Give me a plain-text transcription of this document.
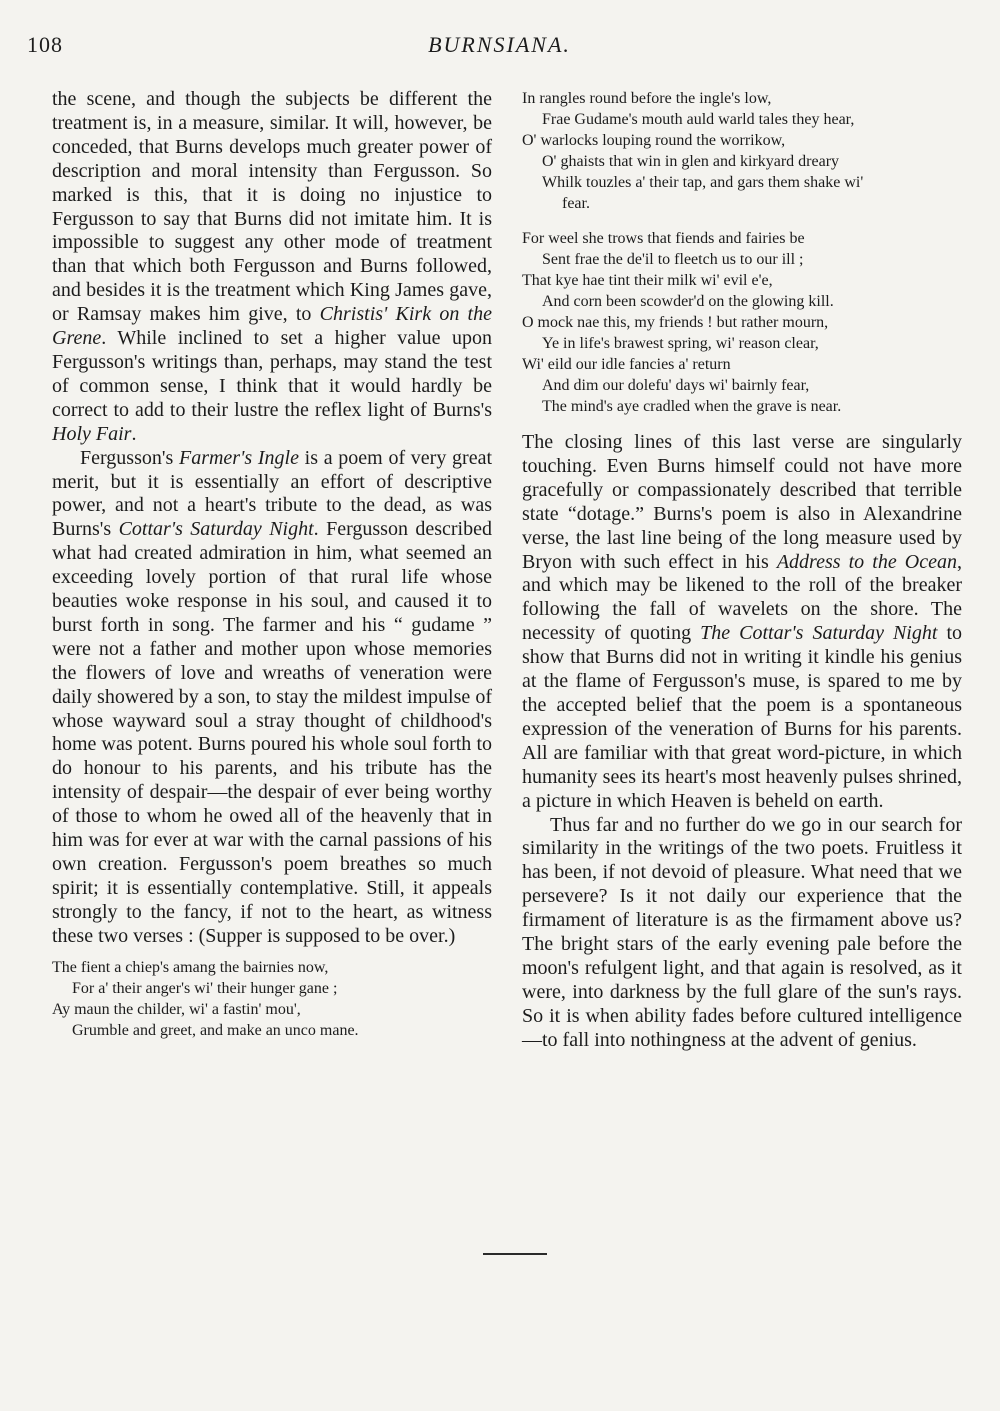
108	BURNSIANA.

the scene, and though the subjects be different the treatment is, in a measure, similar. It will, however, be conceded, that Burns develops much greater power of description and moral intensity than Fergusson. So marked is this, that it is doing no injustice to Fergusson to say that Burns did not imitate him. It is impossible to suggest any other mode of treatment than that which both Fergusson and Burns followed, and besides it is the treatment which King James gave, or Ramsay makes him give, to Christis' Kirk on the Grene. While inclined to set a higher value upon Fergusson's writings than, perhaps, may stand the test of common sense, I think that it would hardly be correct to add to their lustre the reflex light of Burns's Holy Fair.

Fergusson's Farmer's Ingle is a poem of very great merit, but it is essentially an effort of descriptive power, and not a heart's tribute to the dead, as was Burns's Cottar's Saturday Night. Fergusson described what had created admiration in him, what seemed an exceeding lovely portion of that rural life whose beauties woke response in his soul, and caused it to burst forth in song. The farmer and his “ gudame ” were not a father and mother upon whose memories the flowers of love and wreaths of veneration were daily showered by a son, to stay the mildest impulse of whose wayward soul a stray thought of childhood's home was potent. Burns poured his whole soul forth to do honour to his parents, and his tribute has the intensity of despair—the despair of ever being worthy of those to whom he owed all of the heavenly that in him was for ever at war with the carnal passions of his own creation. Fergusson's poem breathes so much spirit; it is essentially contemplative. Still, it appeals strongly to the fancy, if not to the heart, as witness these two verses : (Supper is supposed to be over.)

The fient a chiep's amang the bairnies now,
For a' their anger's wi' their hunger gane ;
Ay maun the childer, wi' a fastin' mou',
Grumble and greet, and make an unco mane.
In rangles round before the ingle's low,
Frae Gudame's mouth auld warld tales they hear,
O' warlocks louping round the worrikow,
O' ghaists that win in glen and kirkyard dreary
Whilk touzles a' their tap, and gars them shake wi'
fear.
For weel she trows that fiends and fairies be
Sent frae the de'il to fleetch us to our ill ;
That kye hae tint their milk wi' evil e'e,
And corn been scowder'd on the glowing kill.
O mock nae this, my friends ! but rather mourn,
Ye in life's brawest spring, wi' reason clear,
Wi' eild our idle fancies a' return
And dim our dolefu' days wi' bairnly fear,
The mind's aye cradled when the grave is near.

The closing lines of this last verse are singularly touching. Even Burns himself could not have more gracefully or compassionately described that terrible state “dotage.” Burns's poem is also in Alexandrine verse, the last line being of the long measure used by Bryon with such effect in his Address to the Ocean, and which may be likened to the roll of the breaker following the fall of wavelets on the shore. The necessity of quoting The Cottar's Saturday Night to show that Burns did not in writing it kindle his genius at the flame of Fergusson's muse, is spared to me by the accepted belief that the poem is a spontaneous expression of the veneration of Burns for his parents. All are familiar with that great word-picture, in which humanity sees its heart's most heavenly pulses shrined, a picture in which Heaven is beheld on earth.

Thus far and no further do we go in our search for similarity in the writings of the two poets. Fruitless it has been, if not devoid of pleasure. What need that we persevere? Is it not daily our experience that the firmament of literature is as the firmament above us? The bright stars of the early evening pale before the moon's refulgent light, and that again is resolved, as it were, into darkness by the full glare of the sun's rays. So it is when ability fades before cultured intelligence—to fall into nothingness at the advent of genius.
